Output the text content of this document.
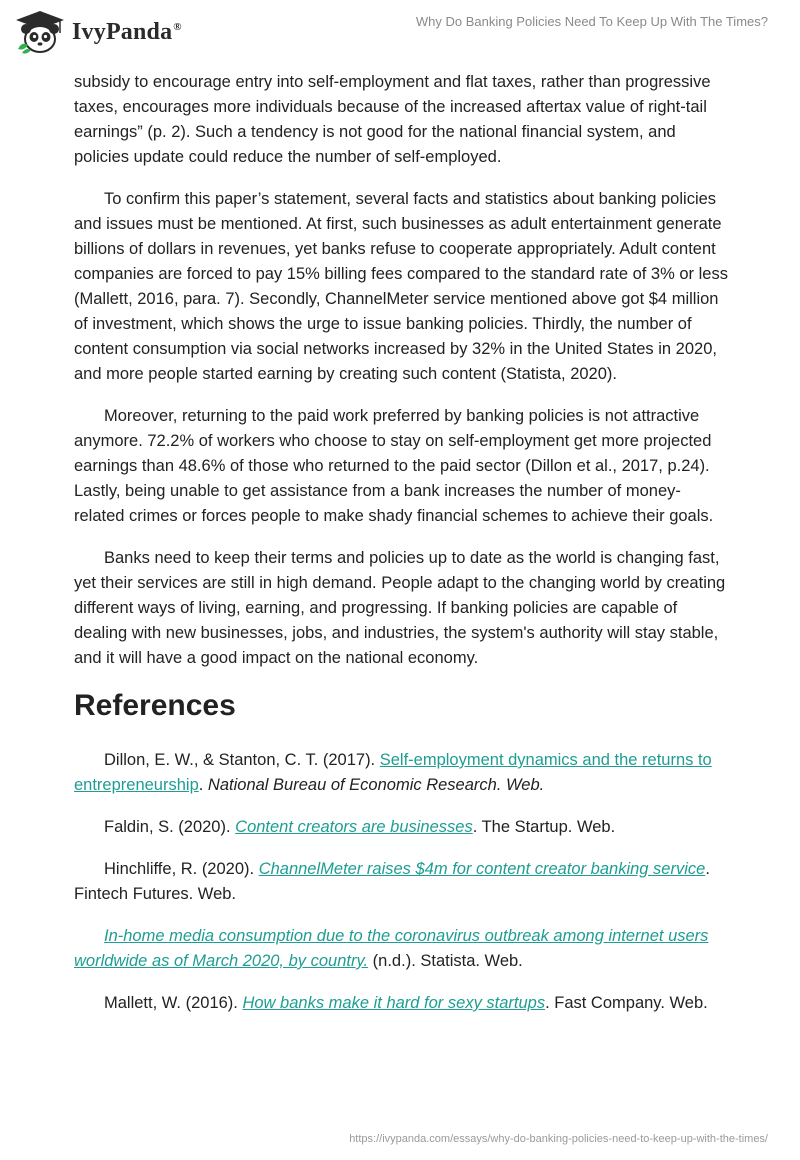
IvyPanda®	Why Do Banking Policies Need To Keep Up With The Times?

subsidy to encourage entry into self-employment and flat taxes, rather than progressive taxes, encourages more individuals because of the increased aftertax value of right-tail earnings” (p. 2). Such a tendency is not good for the national financial system, and policies update could reduce the number of self-employed.

To confirm this paper’s statement, several facts and statistics about banking policies and issues must be mentioned. At first, such businesses as adult entertainment generate billions of dollars in revenues, yet banks refuse to cooperate appropriately. Adult content companies are forced to pay 15% billing fees compared to the standard rate of 3% or less (Mallett, 2016, para. 7). Secondly, ChannelMeter service mentioned above got $4 million of investment, which shows the urge to issue banking policies. Thirdly, the number of content consumption via social networks increased by 32% in the United States in 2020, and more people started earning by creating such content (Statista, 2020).

Moreover, returning to the paid work preferred by banking policies is not attractive anymore. 72.2% of workers who choose to stay on self-employment get more projected earnings than 48.6% of those who returned to the paid sector (Dillon et al., 2017, p.24). Lastly, being unable to get assistance from a bank increases the number of money-related crimes or forces people to make shady financial schemes to achieve their goals.

Banks need to keep their terms and policies up to date as the world is changing fast, yet their services are still in high demand. People adapt to the changing world by creating different ways of living, earning, and progressing. If banking policies are capable of dealing with new businesses, jobs, and industries, the system's authority will stay stable, and it will have a good impact on the national economy.

References

Dillon, E. W., & Stanton, C. T. (2017). Self-employment dynamics and the returns to entrepreneurship. National Bureau of Economic Research. Web.

Faldin, S. (2020). Content creators are businesses. The Startup. Web.

Hinchliffe, R. (2020). ChannelMeter raises $4m for content creator banking service. Fintech Futures. Web.

In-home media consumption due to the coronavirus outbreak among internet users worldwide as of March 2020, by country. (n.d.). Statista. Web.

Mallett, W. (2016). How banks make it hard for sexy startups. Fast Company. Web.

https://ivypanda.com/essays/why-do-banking-policies-need-to-keep-up-with-the-times/
